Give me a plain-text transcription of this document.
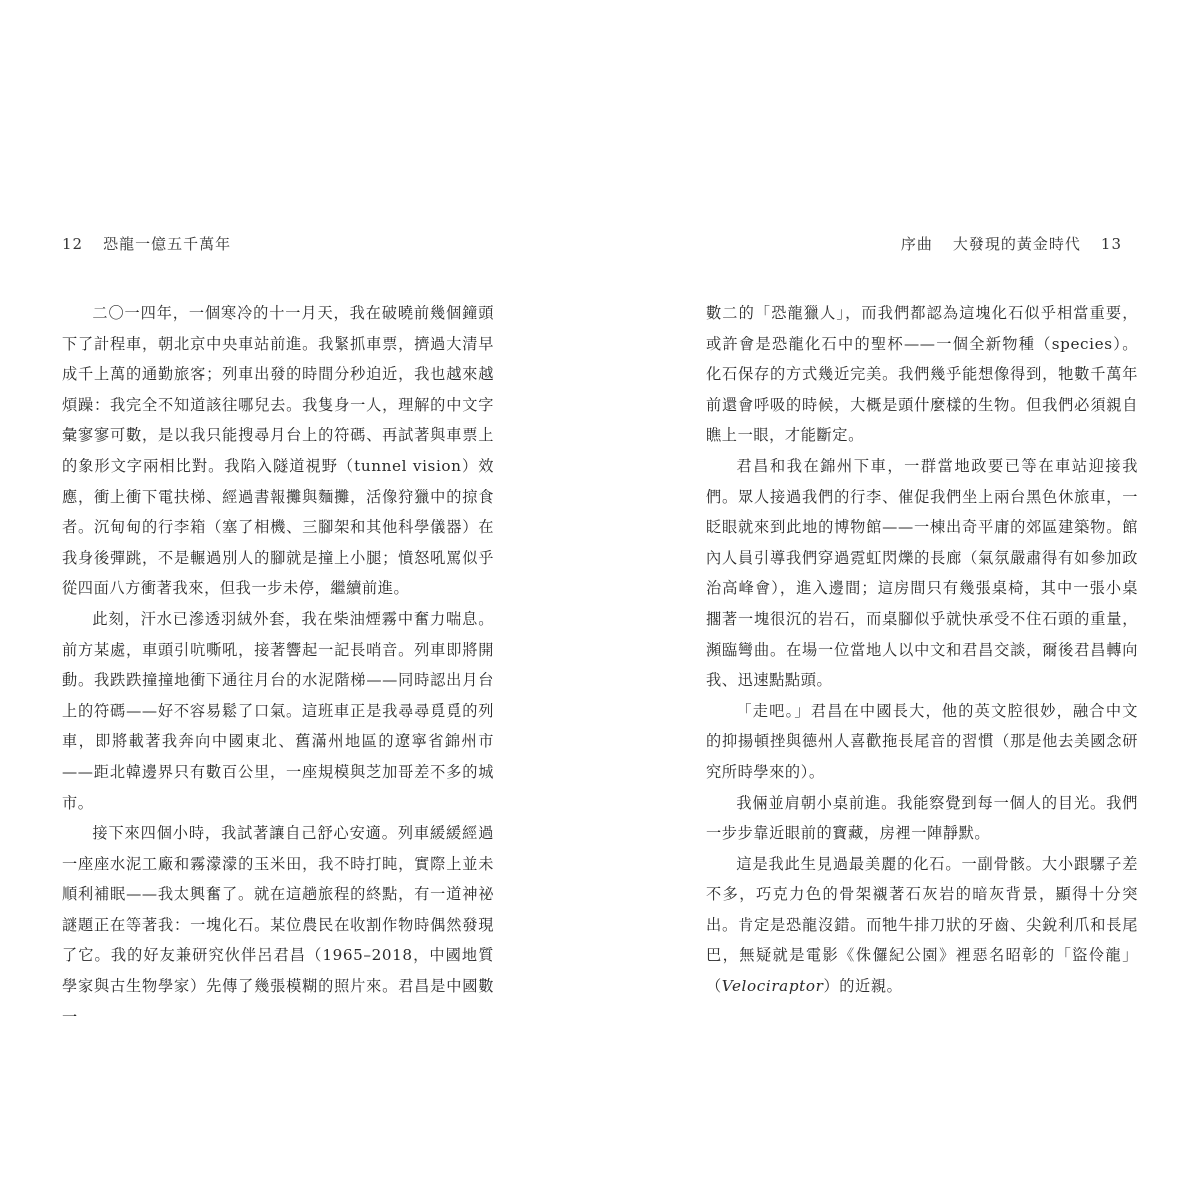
12 恐龍一億五千萬年	序曲 大發現的黃金時代 13

二〇一四年，一個寒冷的十一月天，我在破曉前幾個鐘頭下了計程車，朝北京中央車站前進。我緊抓車票，擠過大清早成千上萬的通勤旅客；列車出發的時間分秒迫近，我也越來越煩躁：我完全不知道該往哪兒去。我隻身一人，理解的中文字彙寥寥可數，是以我只能搜尋月台上的符碼、再試著與車票上的象形文字兩相比對。我陷入隧道視野（tunnel vision）效應，衝上衝下電扶梯、經過書報攤與麵攤，活像狩獵中的掠食者。沉甸甸的行李箱（塞了相機、三腳架和其他科學儀器）在我身後彈跳，不是輾過別人的腳就是撞上小腿；憤怒吼罵似乎從四面八方衝著我來，但我一步未停，繼續前進。

此刻，汗水已滲透羽絨外套，我在柴油煙霧中奮力喘息。前方某處，車頭引吭嘶吼，接著響起一記長哨音。列車即將開動。我跌跌撞撞地衝下通往月台的水泥階梯——同時認出月台上的符碼——好不容易鬆了口氣。這班車正是我尋尋覓覓的列車，即將載著我奔向中國東北、舊滿州地區的遼寧省錦州市——距北韓邊界只有數百公里，一座規模與芝加哥差不多的城市。

接下來四個小時，我試著讓自己舒心安適。列車緩緩經過一座座水泥工廠和霧濛濛的玉米田，我不時打盹，實際上並未順利補眠——我太興奮了。就在這趟旅程的終點，有一道神祕謎題正在等著我：一塊化石。某位農民在收割作物時偶然發現了它。我的好友兼研究伙伴呂君昌（1965–2018，中國地質學家與古生物學家）先傳了幾張模糊的照片來。君昌是中國數一

數二的「恐龍獵人」，而我們都認為這塊化石似乎相當重要，或許會是恐龍化石中的聖杯——一個全新物種（species）。化石保存的方式幾近完美。我們幾乎能想像得到，牠數千萬年前還會呼吸的時候，大概是頭什麼樣的生物。但我們必須親自瞧上一眼，才能斷定。

君昌和我在錦州下車，一群當地政要已等在車站迎接我們。眾人接過我們的行李、催促我們坐上兩台黑色休旅車，一眨眼就來到此地的博物館——一棟出奇平庸的郊區建築物。館內人員引導我們穿過霓虹閃爍的長廊（氣氛嚴肅得有如參加政治高峰會），進入邊間；這房間只有幾張桌椅，其中一張小桌擱著一塊很沉的岩石，而桌腳似乎就快承受不住石頭的重量，瀕臨彎曲。在場一位當地人以中文和君昌交談，爾後君昌轉向我、迅速點點頭。

「走吧。」君昌在中國長大，他的英文腔很妙，融合中文的抑揚頓挫與德州人喜歡拖長尾音的習慣（那是他去美國念研究所時學來的）。

我倆並肩朝小桌前進。我能察覺到每一個人的目光。我們一步步靠近眼前的寶藏，房裡一陣靜默。

這是我此生見過最美麗的化石。一副骨骸。大小跟騾子差不多，巧克力色的骨架襯著石灰岩的暗灰背景，顯得十分突出。肯定是恐龍沒錯。而牠牛排刀狀的牙齒、尖銳利爪和長尾巴，無疑就是電影《侏儸紀公園》裡惡名昭彰的「盜伶龍」（Velociraptor）的近親。
